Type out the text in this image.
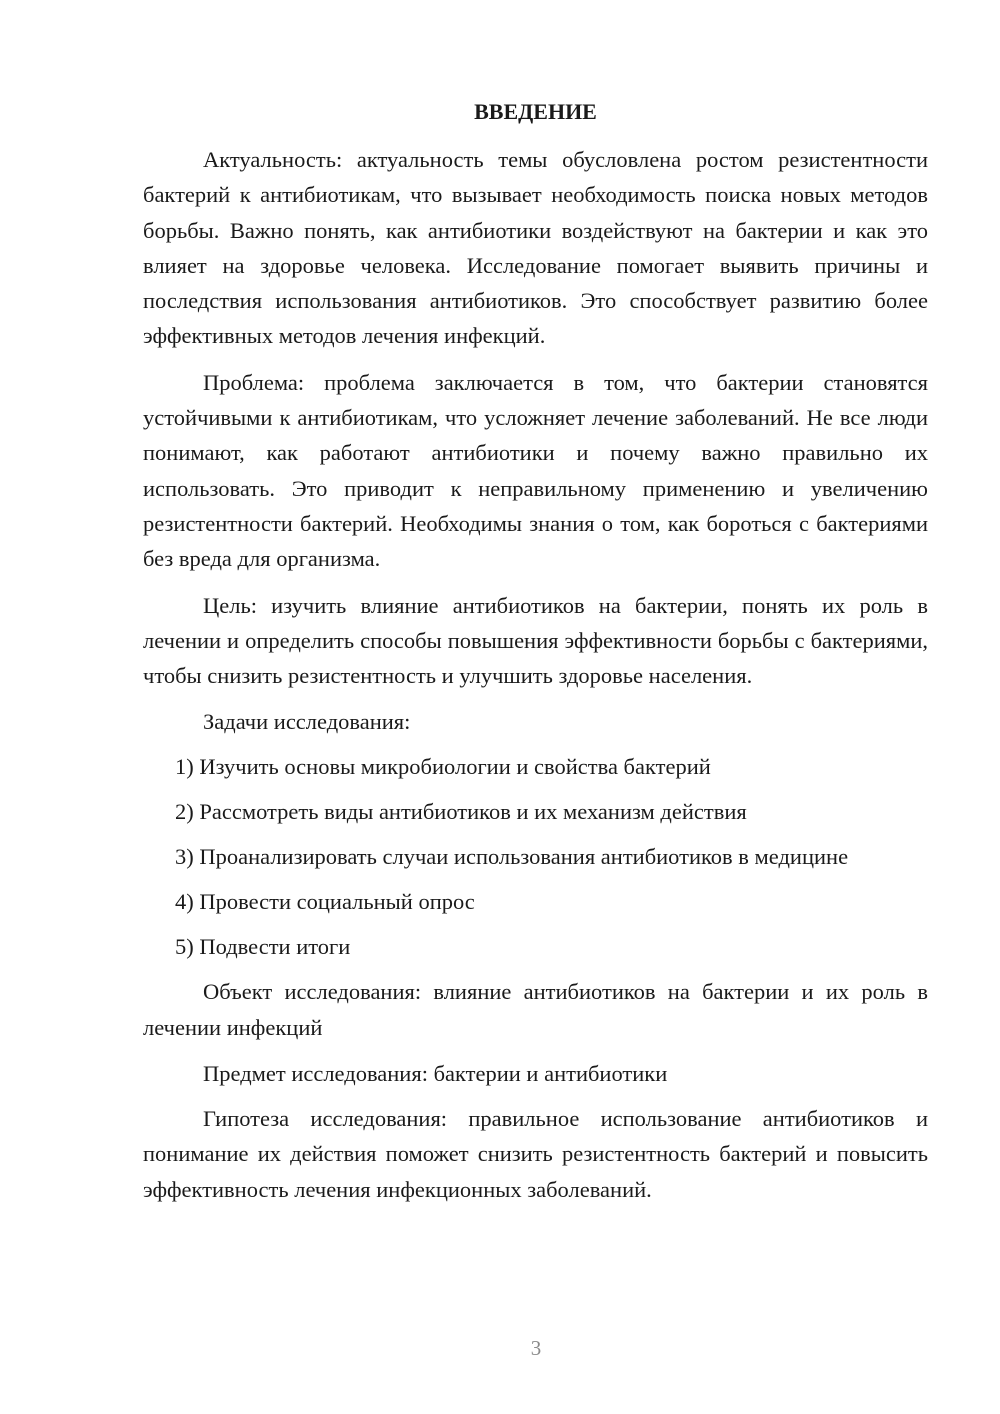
ВВЕДЕНИЕ

Актуальность: актуальность темы обусловлена ростом резистентности бактерий к антибиотикам, что вызывает необходимость поиска новых методов борьбы. Важно понять, как антибиотики воздействуют на бактерии и как это влияет на здоровье человека. Исследование помогает выявить причины и последствия использования антибиотиков. Это способствует развитию более эффективных методов лечения инфекций.

Проблема: проблема заключается в том, что бактерии становятся устойчивыми к антибиотикам, что усложняет лечение заболеваний. Не все люди понимают, как работают антибиотики и почему важно правильно их использовать. Это приводит к неправильному применению и увеличению резистентности бактерий. Необходимы знания о том, как бороться с бактериями без вреда для организма.

Цель: изучить влияние антибиотиков на бактерии, понять их роль в лечении и определить способы повышения эффективности борьбы с бактериями, чтобы снизить резистентность и улучшить здоровье населения.

Задачи исследования:

1) Изучить основы микробиологии и свойства бактерий

2) Рассмотреть виды антибиотиков и их механизм действия

3) Проанализировать случаи использования антибиотиков в медицине

4) Провести социальный опрос

5) Подвести итоги

Объект исследования: влияние антибиотиков на бактерии и их роль в лечении инфекций

Предмет исследования: бактерии и антибиотики

Гипотеза исследования: правильное использование антибиотиков и понимание их действия поможет снизить резистентность бактерий и повысить эффективность лечения инфекционных заболеваний.

3
